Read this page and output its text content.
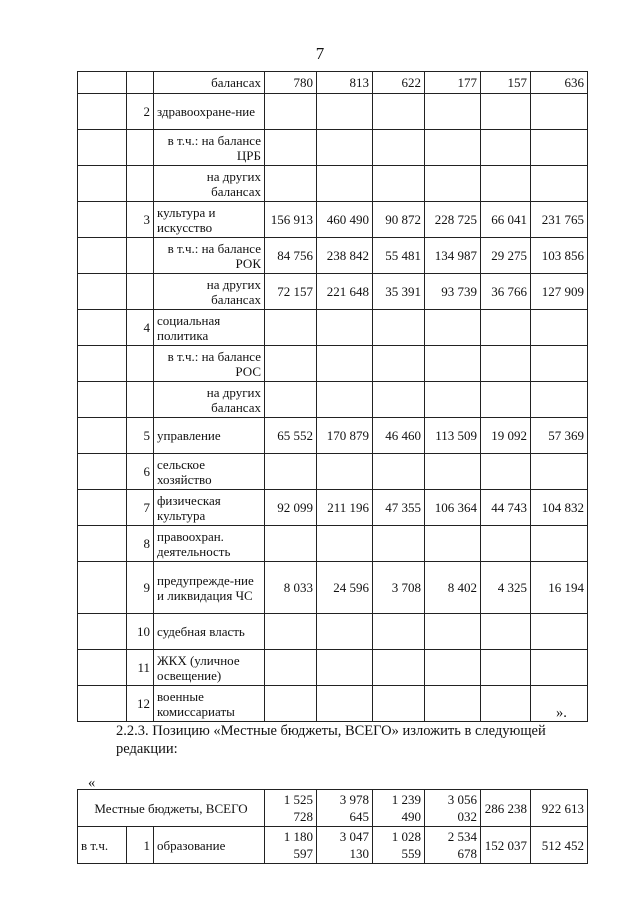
7
		балансах	780	813	622	177	157	636
	2	здравоохране-ние						
		в т.ч.: на балансе ЦРБ						
		на других балансах						
	3	культура и искусство	156 913	460 490	90 872	228 725	66 041	231 765
		в т.ч.: на балансе РОК	84 756	238 842	55 481	134 987	29 275	103 856
		на других балансах	72 157	221 648	35 391	93 739	36 766	127 909
	4	социальная политика						
		в т.ч.: на балансе РОС						
		на других балансах						
	5	управление	65 552	170 879	46 460	113 509	19 092	57 369
	6	сельское хозяйство						
	7	физическая культура	92 099	211 196	47 355	106 364	44 743	104 832
	8	правоохран. деятельность						
	9	предупрежде-ние и ликвидация ЧС	8 033	24 596	3 708	8 402	4 325	16 194
	10	судебная власть						
	11	ЖКХ (уличное освещение)						
	12	военные комиссариаты							».
2.2.3. Позицию «Местные бюджеты, ВСЕГО» изложить в следующей редакции:
«
Местные бюджеты, ВСЕГО			1 525 728	3 978 645	1 239 490	3 056 032	286 238	922 613
в т.ч.	1	образование	1 180 597	3 047 130	1 028 559	2 534 678	152 037	512 452
